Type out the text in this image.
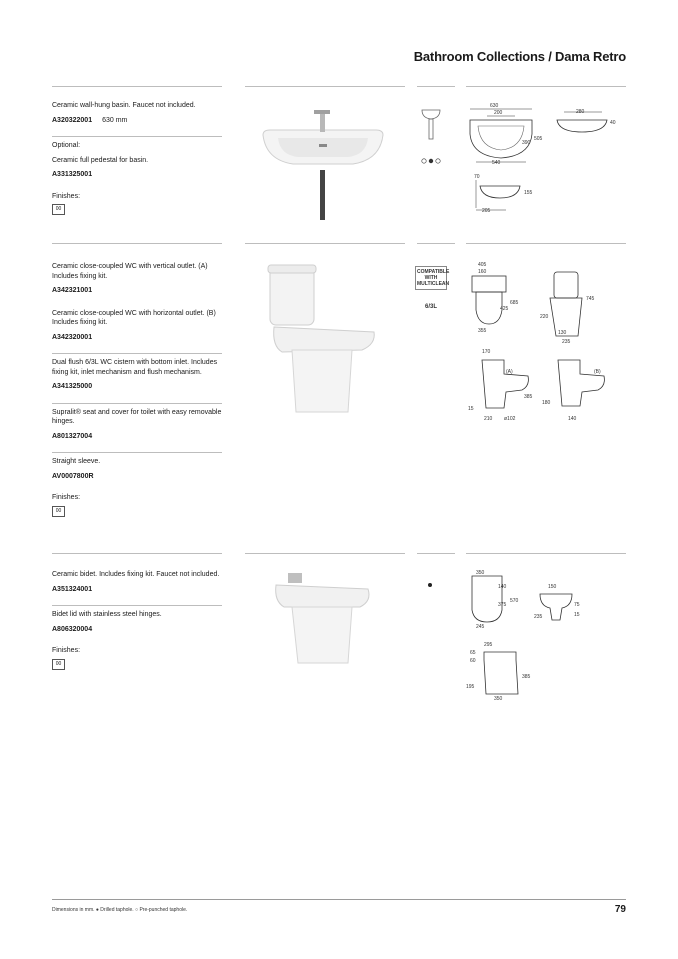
Bathroom Collections / Dama Retro

Ceramic wall-hung basin. Faucet not included.

A320322001 630 mm

Optional:

Ceramic full pedestal for basin.

A331325001

Finishes:

00

630
200
390
505
540
280
40
70
155
205

Ceramic close-coupled WC with vertical outlet. (A) Includes fixing kit.

A342321001

Ceramic close-coupled WC with horizontal outlet. (B) Includes fixing kit.

A342320001

Dual flush 6/3L WC cistern with bottom inlet. Includes fixing kit, inlet mechanism and flush mechanism.

A341325000

Supralit® seat and cover for toilet with easy removable hinges.

A801327004

Straight sleeve.

AV0007800R

Finishes:

00
COMPATIBLE WITH MULTICLEAN
6/3L
405
160
685
425
355
745
220
130
235
170
(A)	(B)
385
15
210 ø102
180
140

Ceramic bidet. Includes fixing kit. Faucet not included.

A351324001

Bidet lid with stainless steel hinges.

A806320004

Finishes:

00
350
140
375
570
245
150
75
235	15
295
65
60
385
195
350
Dimensions in mm. ● Drilled taphole. ○ Pre-punched taphole.	79
